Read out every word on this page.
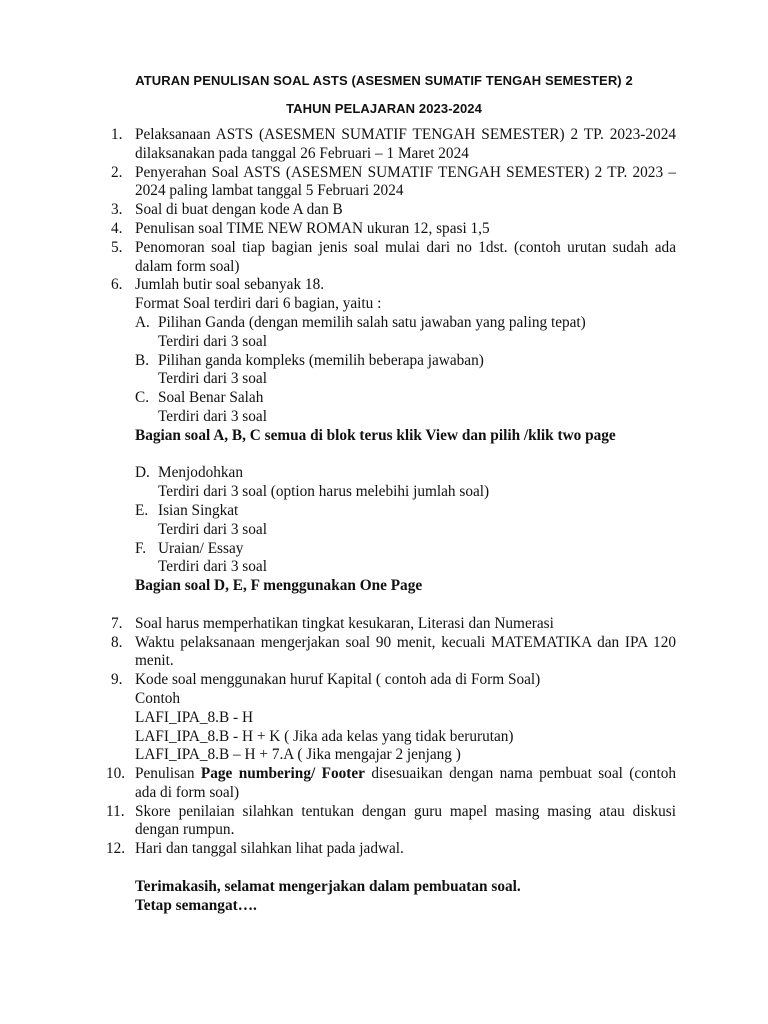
ATURAN PENULISAN SOAL ASTS (ASESMEN SUMATIF TENGAH SEMESTER) 2

TAHUN PELAJARAN 2023-2024

1. Pelaksanaan ASTS (ASESMEN SUMATIF TENGAH SEMESTER) 2 TP. 2023-2024 dilaksanakan pada tanggal 26 Februari – 1 Maret 2024
2. Penyerahan Soal ASTS (ASESMEN SUMATIF TENGAH SEMESTER) 2 TP. 2023 – 2024 paling lambat tanggal 5 Februari 2024
3. Soal di buat dengan kode A dan B
4. Penulisan soal TIME NEW ROMAN ukuran 12, spasi 1,5
5. Penomoran soal tiap bagian jenis soal mulai dari no 1dst. (contoh urutan sudah ada dalam form soal)
6. Jumlah butir soal sebanyak 18.
Format Soal terdiri dari 6 bagian, yaitu :
A. Pilihan Ganda (dengan memilih salah satu jawaban yang paling tepat)
Terdiri dari 3 soal
B. Pilihan ganda kompleks (memilih beberapa jawaban)
Terdiri dari 3 soal
C. Soal Benar Salah
Terdiri dari 3 soal
Bagian soal A, B, C semua di blok terus klik View dan pilih /klik two page
D. Menjodohkan
Terdiri dari 3 soal (option harus melebihi jumlah soal)
E. Isian Singkat
Terdiri dari 3 soal
F. Uraian/ Essay
Terdiri dari 3 soal
Bagian soal D, E, F menggunakan One Page
7. Soal harus memperhatikan tingkat kesukaran, Literasi dan Numerasi
8. Waktu pelaksanaan mengerjakan soal 90 menit, kecuali MATEMATIKA dan IPA 120 menit.
9. Kode soal menggunakan huruf Kapital ( contoh ada di Form Soal)
Contoh
LAFI_IPA_8.B - H
LAFI_IPA_8.B - H + K ( Jika ada kelas yang tidak berurutan)
LAFI_IPA_8.B – H + 7.A ( Jika mengajar 2 jenjang )
10. Penulisan Page numbering/ Footer disesuaikan dengan nama pembuat soal (contoh ada di form soal)
11. Skore penilaian silahkan tentukan dengan guru mapel masing masing atau diskusi dengan rumpun.
12. Hari dan tanggal silahkan lihat pada jadwal.
Terimakasih, selamat mengerjakan dalam pembuatan soal.
Tetap semangat….
